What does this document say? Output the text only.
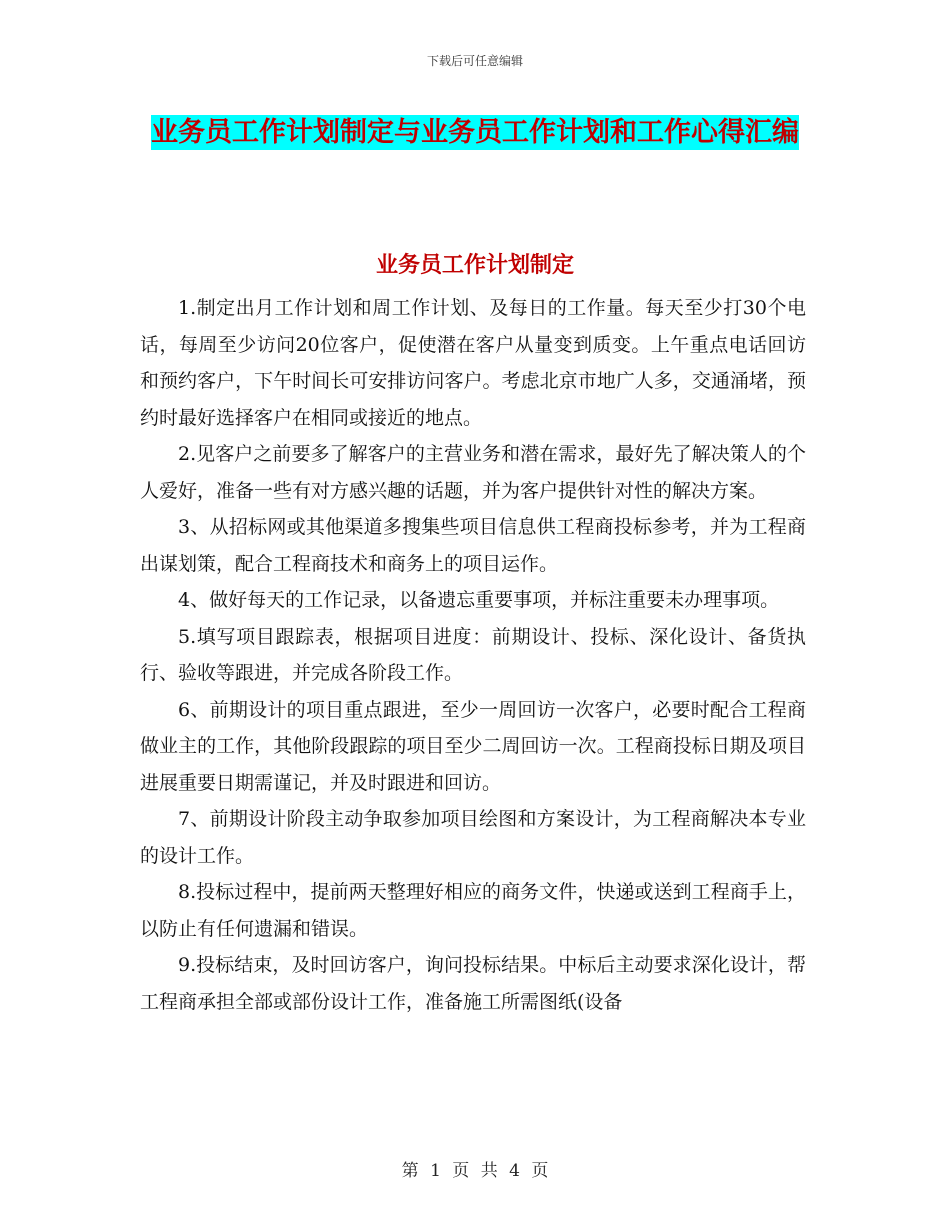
下载后可任意编辑
业务员工作计划制定与业务员工作计划和工作心得汇编
业务员工作计划制定

1.制定出月工作计划和周工作计划、及每日的工作量。每天至少打30个电话，每周至少访问20位客户，促使潜在客户从量变到质变。上午重点电话回访和预约客户，下午时间长可安排访问客户。考虑北京市地广人多，交通涌堵，预约时最好选择客户在相同或接近的地点。

2.见客户之前要多了解客户的主营业务和潜在需求，最好先了解决策人的个人爱好，准备一些有对方感兴趣的话题，并为客户提供针对性的解决方案。

3、从招标网或其他渠道多搜集些项目信息供工程商投标参考，并为工程商出谋划策，配合工程商技术和商务上的项目运作。

4、做好每天的工作记录，以备遗忘重要事项，并标注重要未办理事项。

5.填写项目跟踪表，根据项目进度：前期设计、投标、深化设计、备货执行、验收等跟进，并完成各阶段工作。

6、前期设计的项目重点跟进，至少一周回访一次客户，必要时配合工程商做业主的工作，其他阶段跟踪的项目至少二周回访一次。工程商投标日期及项目进展重要日期需谨记，并及时跟进和回访。

7、前期设计阶段主动争取参加项目绘图和方案设计，为工程商解决本专业的设计工作。

8.投标过程中，提前两天整理好相应的商务文件，快递或送到工程商手上，以防止有任何遗漏和错误。

9.投标结束，及时回访客户，询问投标结果。中标后主动要求深化设计，帮工程商承担全部或部份设计工作，准备施工所需图纸(设备

第 1 页 共 4 页
